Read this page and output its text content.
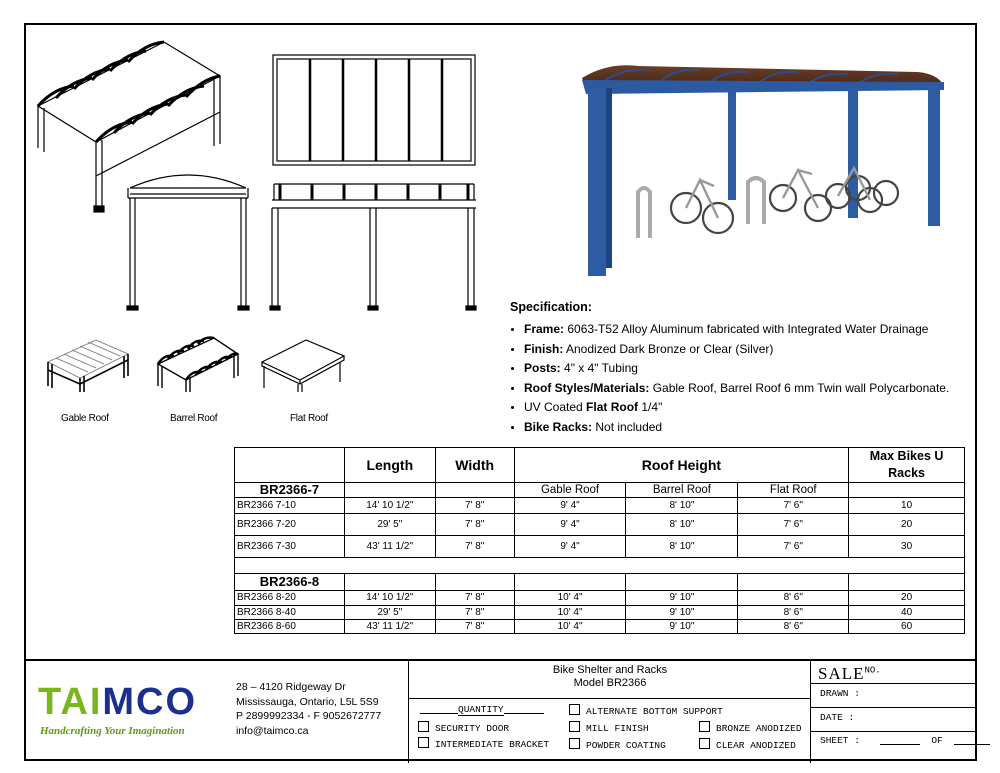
Gable Roof	Barrel Roof	Flat Roof
Specification:
• Frame: 6063-T52 Alloy Aluminum fabricated with Integrated Water Drainage
• Finish: Anodized Dark Bronze or Clear (Silver)
• Posts: 4" x 4" Tubing
• Roof Styles/Materials: Gable Roof, Barrel Roof 6 mm Twin wall Polycarbonate.
• UV Coated Flat Roof 1/4"
• Bike Racks: Not included
	Length	Width	Roof Height			Max Bikes U Racks
BR2366-7			Gable Roof	Barrel Roof	Flat Roof	
BR2366 7-10	14' 10 1/2"	7' 8"	9' 4"	8' 10"	7' 6"	10
BR2366 7-20	29' 5"	7' 8"	9' 4"	8' 10"	7' 6"	20
BR2366 7-30	43' 11 1/2"	7' 8"	9' 4"	8' 10"	7' 6"	30

BR2366-8						
BR2366 8-20	14' 10 1/2"	7' 8"	10' 4"	9' 10"	8' 6"	20
BR2366 8-40	29' 5"	7' 8"	10' 4"	9' 10"	8' 6"	40
BR2366 8-60	43' 11 1/2"	7' 8"	10' 4"	9' 10"	8' 6"	60
TAIMCO
Handcrafting Your Imagination
28 – 4120 Ridgeway Dr
Mississauga, Ontario, L5L 5S9
P 2899992334 - F 9052672777
info@taimco.ca
Bike Shelter and Racks
Model BR2366
QUANTITY	ALTERNATE BOTTOM SUPPORT
SECURITY DOOR	MILL FINISH	BRONZE ANODIZED
INTERMEDIATE BRACKET	POWDER COATING	CLEAR ANODIZED
$SALE^{NO.}$
DRAWN :
DATE :
SHEET :	OF
